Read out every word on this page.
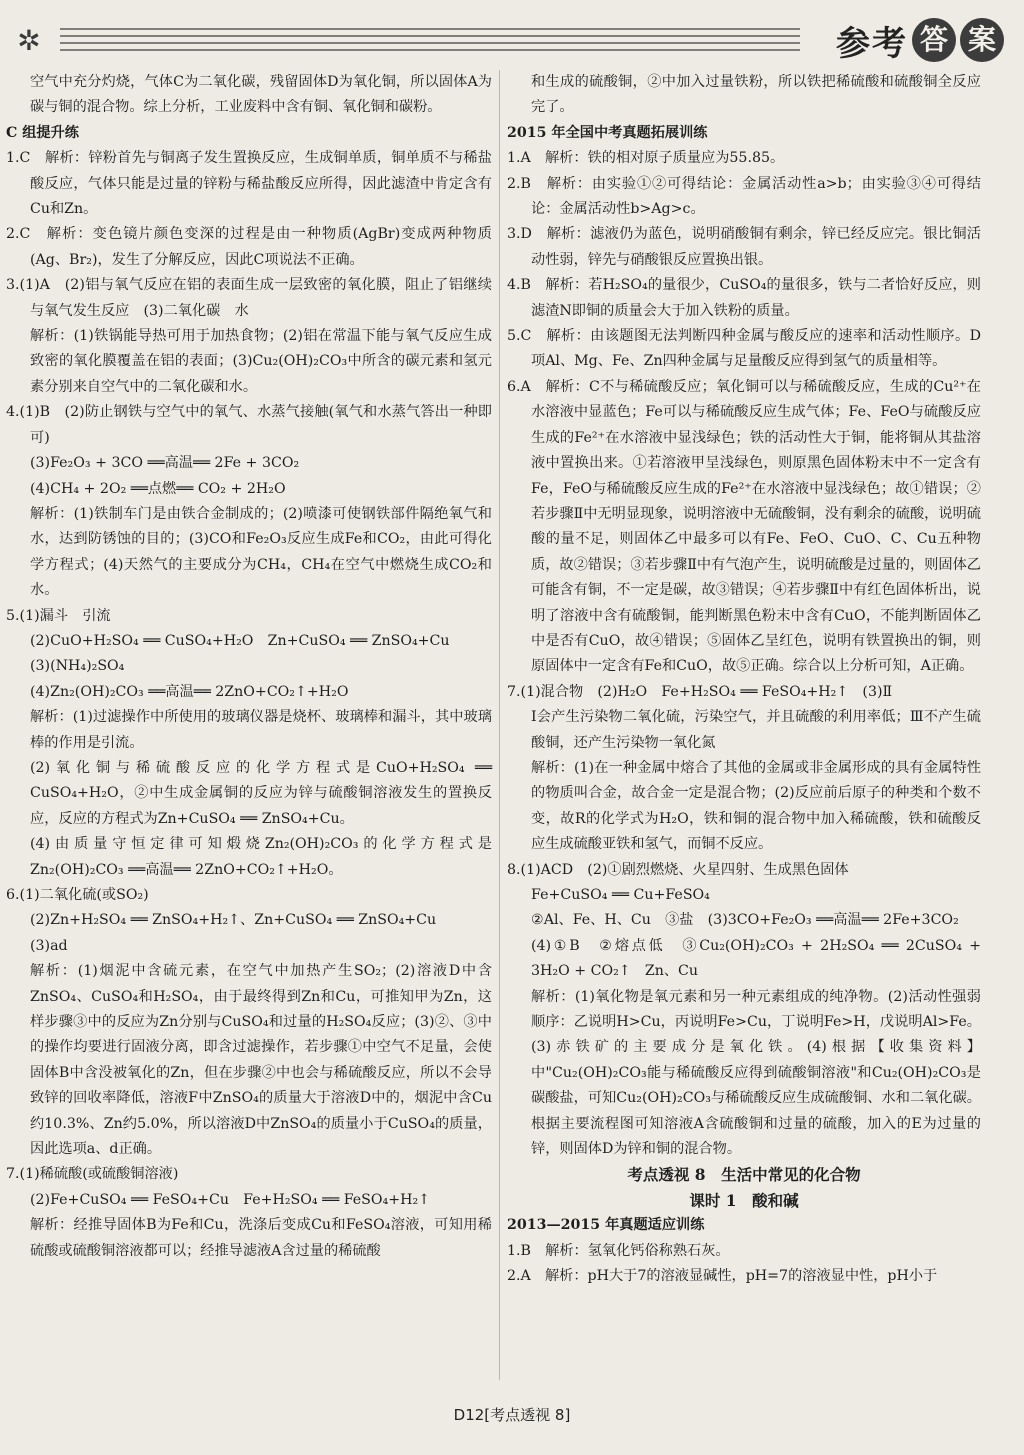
✲	参考 答 案

空气中充分灼烧，气体C为二氧化碳，残留固体D为氧化铜，所以固体A为碳与铜的混合物。综上分析，工业废料中含有铜、氧化铜和碳粉。

C 组提升练

1.C　解析：锌粉首先与铜离子发生置换反应，生成铜单质，铜单质不与稀盐酸反应，气体只能是过量的锌粉与稀盐酸反应所得，因此滤渣中肯定含有Cu和Zn。

2.C　解析：变色镜片颜色变深的过程是由一种物质(AgBr)变成两种物质(Ag、Br₂)，发生了分解反应，因此C项说法不正确。

3.(1)A　(2)铝与氧气反应在铝的表面生成一层致密的氧化膜，阻止了铝继续与氧气发生反应　(3)二氧化碳　水

解析：(1)铁锅能导热可用于加热食物；(2)铝在常温下能与氧气反应生成致密的氧化膜覆盖在铝的表面；(3)Cu₂(OH)₂CO₃中所含的碳元素和氢元素分别来自空气中的二氧化碳和水。

4.(1)B　(2)防止钢铁与空气中的氧气、水蒸气接触(氧气和水蒸气答出一种即可)

(3)Fe₂O₃ + 3CO ══高温══ 2Fe + 3CO₂

(4)CH₄ + 2O₂ ══点燃══ CO₂ + 2H₂O

解析：(1)铁制车门是由铁合金制成的；(2)喷漆可使钢铁部件隔绝氧气和水，达到防锈蚀的目的；(3)CO和Fe₂O₃反应生成Fe和CO₂，由此可得化学方程式；(4)天然气的主要成分为CH₄，CH₄在空气中燃烧生成CO₂和水。

5.(1)漏斗　引流

(2)CuO+H₂SO₄ ══ CuSO₄+H₂O　Zn+CuSO₄ ══ ZnSO₄+Cu

(3)(NH₄)₂SO₄

(4)Zn₂(OH)₂CO₃ ══高温══ 2ZnO+CO₂↑+H₂O

解析：(1)过滤操作中所使用的玻璃仪器是烧杯、玻璃棒和漏斗，其中玻璃棒的作用是引流。

(2)氧化铜与稀硫酸反应的化学方程式是CuO+H₂SO₄ ══ CuSO₄+H₂O，②中生成金属铜的反应为锌与硫酸铜溶液发生的置换反应，反应的方程式为Zn+CuSO₄ ══ ZnSO₄+Cu。

(4)由质量守恒定律可知煅烧Zn₂(OH)₂CO₃的化学方程式是Zn₂(OH)₂CO₃ ══高温══ 2ZnO+CO₂↑+H₂O。

6.(1)二氧化硫(或SO₂)

(2)Zn+H₂SO₄ ══ ZnSO₄+H₂↑、Zn+CuSO₄ ══ ZnSO₄+Cu

(3)ad

解析：(1)烟泥中含硫元素，在空气中加热产生SO₂；(2)溶液D中含ZnSO₄、CuSO₄和H₂SO₄，由于最终得到Zn和Cu，可推知甲为Zn，这样步骤③中的反应为Zn分别与CuSO₄和过量的H₂SO₄反应；(3)②、③中的操作均要进行固液分离，即含过滤操作，若步骤①中空气不足量，会使固体B中含没被氧化的Zn，但在步骤②中也会与稀硫酸反应，所以不会导致锌的回收率降低，溶液F中ZnSO₄的质量大于溶液D中的，烟泥中含Cu约10.3%、Zn约5.0%，所以溶液D中ZnSO₄的质量小于CuSO₄的质量，因此选项a、d正确。

7.(1)稀硫酸(或硫酸铜溶液)

(2)Fe+CuSO₄ ══ FeSO₄+Cu　Fe+H₂SO₄ ══ FeSO₄+H₂↑

解析：经推导固体B为Fe和Cu，洗涤后变成Cu和FeSO₄溶液，可知用稀硫酸或硫酸铜溶液都可以；经推导滤液A含过量的稀硫酸

和生成的硫酸铜，②中加入过量铁粉，所以铁把稀硫酸和硫酸铜全反应完了。

2015 年全国中考真题拓展训练

1.A　解析：铁的相对原子质量应为55.85。

2.B　解析：由实验①②可得结论：金属活动性a>b；由实验③④可得结论：金属活动性b>Ag>c。

3.D　解析：滤液仍为蓝色，说明硝酸铜有剩余，锌已经反应完。银比铜活动性弱，锌先与硝酸银反应置换出银。

4.B　解析：若H₂SO₄的量很少，CuSO₄的量很多，铁与二者恰好反应，则滤渣N即铜的质量会大于加入铁粉的质量。

5.C　解析：由该题图无法判断四种金属与酸反应的速率和活动性顺序。D项Al、Mg、Fe、Zn四种金属与足量酸反应得到氢气的质量相等。

6.A　解析：C不与稀硫酸反应；氧化铜可以与稀硫酸反应，生成的Cu²⁺在水溶液中显蓝色；Fe可以与稀硫酸反应生成气体；Fe、FeO与硫酸反应生成的Fe²⁺在水溶液中显浅绿色；铁的活动性大于铜，能将铜从其盐溶液中置换出来。①若溶液甲呈浅绿色，则原黑色固体粉末中不一定含有Fe，FeO与稀硫酸反应生成的Fe²⁺在水溶液中显浅绿色；故①错误；②若步骤Ⅱ中无明显现象，说明溶液中无硫酸铜，没有剩余的硫酸，说明硫酸的量不足，则固体乙中最多可以有Fe、FeO、CuO、C、Cu五种物质，故②错误；③若步骤Ⅱ中有气泡产生，说明硫酸是过量的，则固体乙可能含有铜，不一定是碳，故③错误；④若步骤Ⅱ中有红色固体析出，说明了溶液中含有硫酸铜，能判断黑色粉末中含有CuO，不能判断固体乙中是否有CuO，故④错误；⑤固体乙呈红色，说明有铁置换出的铜，则原固体中一定含有Fe和CuO，故⑤正确。综合以上分析可知，A正确。

7.(1)混合物　(2)H₂O　Fe+H₂SO₄ ══ FeSO₄+H₂↑　(3)Ⅱ

Ⅰ会产生污染物二氧化硫，污染空气，并且硫酸的利用率低；Ⅲ不产生硫酸铜，还产生污染物一氧化氮

解析：(1)在一种金属中熔合了其他的金属或非金属形成的具有金属特性的物质叫合金，故合金一定是混合物；(2)反应前后原子的种类和个数不变，故R的化学式为H₂O，铁和铜的混合物中加入稀硫酸，铁和硫酸反应生成硫酸亚铁和氢气，而铜不反应。

8.(1)ACD　(2)①剧烈燃烧、火星四射、生成黑色固体

Fe+CuSO₄ ══ Cu+FeSO₄

②Al、Fe、H、Cu　③盐　(3)3CO+Fe₂O₃ ══高温══ 2Fe+3CO₂

(4)①B　②熔点低　③Cu₂(OH)₂CO₃ + 2H₂SO₄ ══ 2CuSO₄ + 3H₂O + CO₂↑　Zn、Cu

解析：(1)氧化物是氧元素和另一种元素组成的纯净物。(2)活动性强弱顺序：乙说明H>Cu，丙说明Fe>Cu，丁说明Fe>H，戊说明Al>Fe。(3)赤铁矿的主要成分是氧化铁。(4)根据【收集资料】中"Cu₂(OH)₂CO₃能与稀硫酸反应得到硫酸铜溶液"和Cu₂(OH)₂CO₃是碳酸盐，可知Cu₂(OH)₂CO₃与稀硫酸反应生成硫酸铜、水和二氧化碳。根据主要流程图可知溶液A含硫酸铜和过量的硫酸，加入的E为过量的锌，则固体D为锌和铜的混合物。

考点透视 8　生活中常见的化合物

课时 1　酸和碱

2013—2015 年真题适应训练

1.B　解析：氢氧化钙俗称熟石灰。

2.A　解析：pH大于7的溶液显碱性，pH=7的溶液显中性，pH小于

D12[考点透视 8]
